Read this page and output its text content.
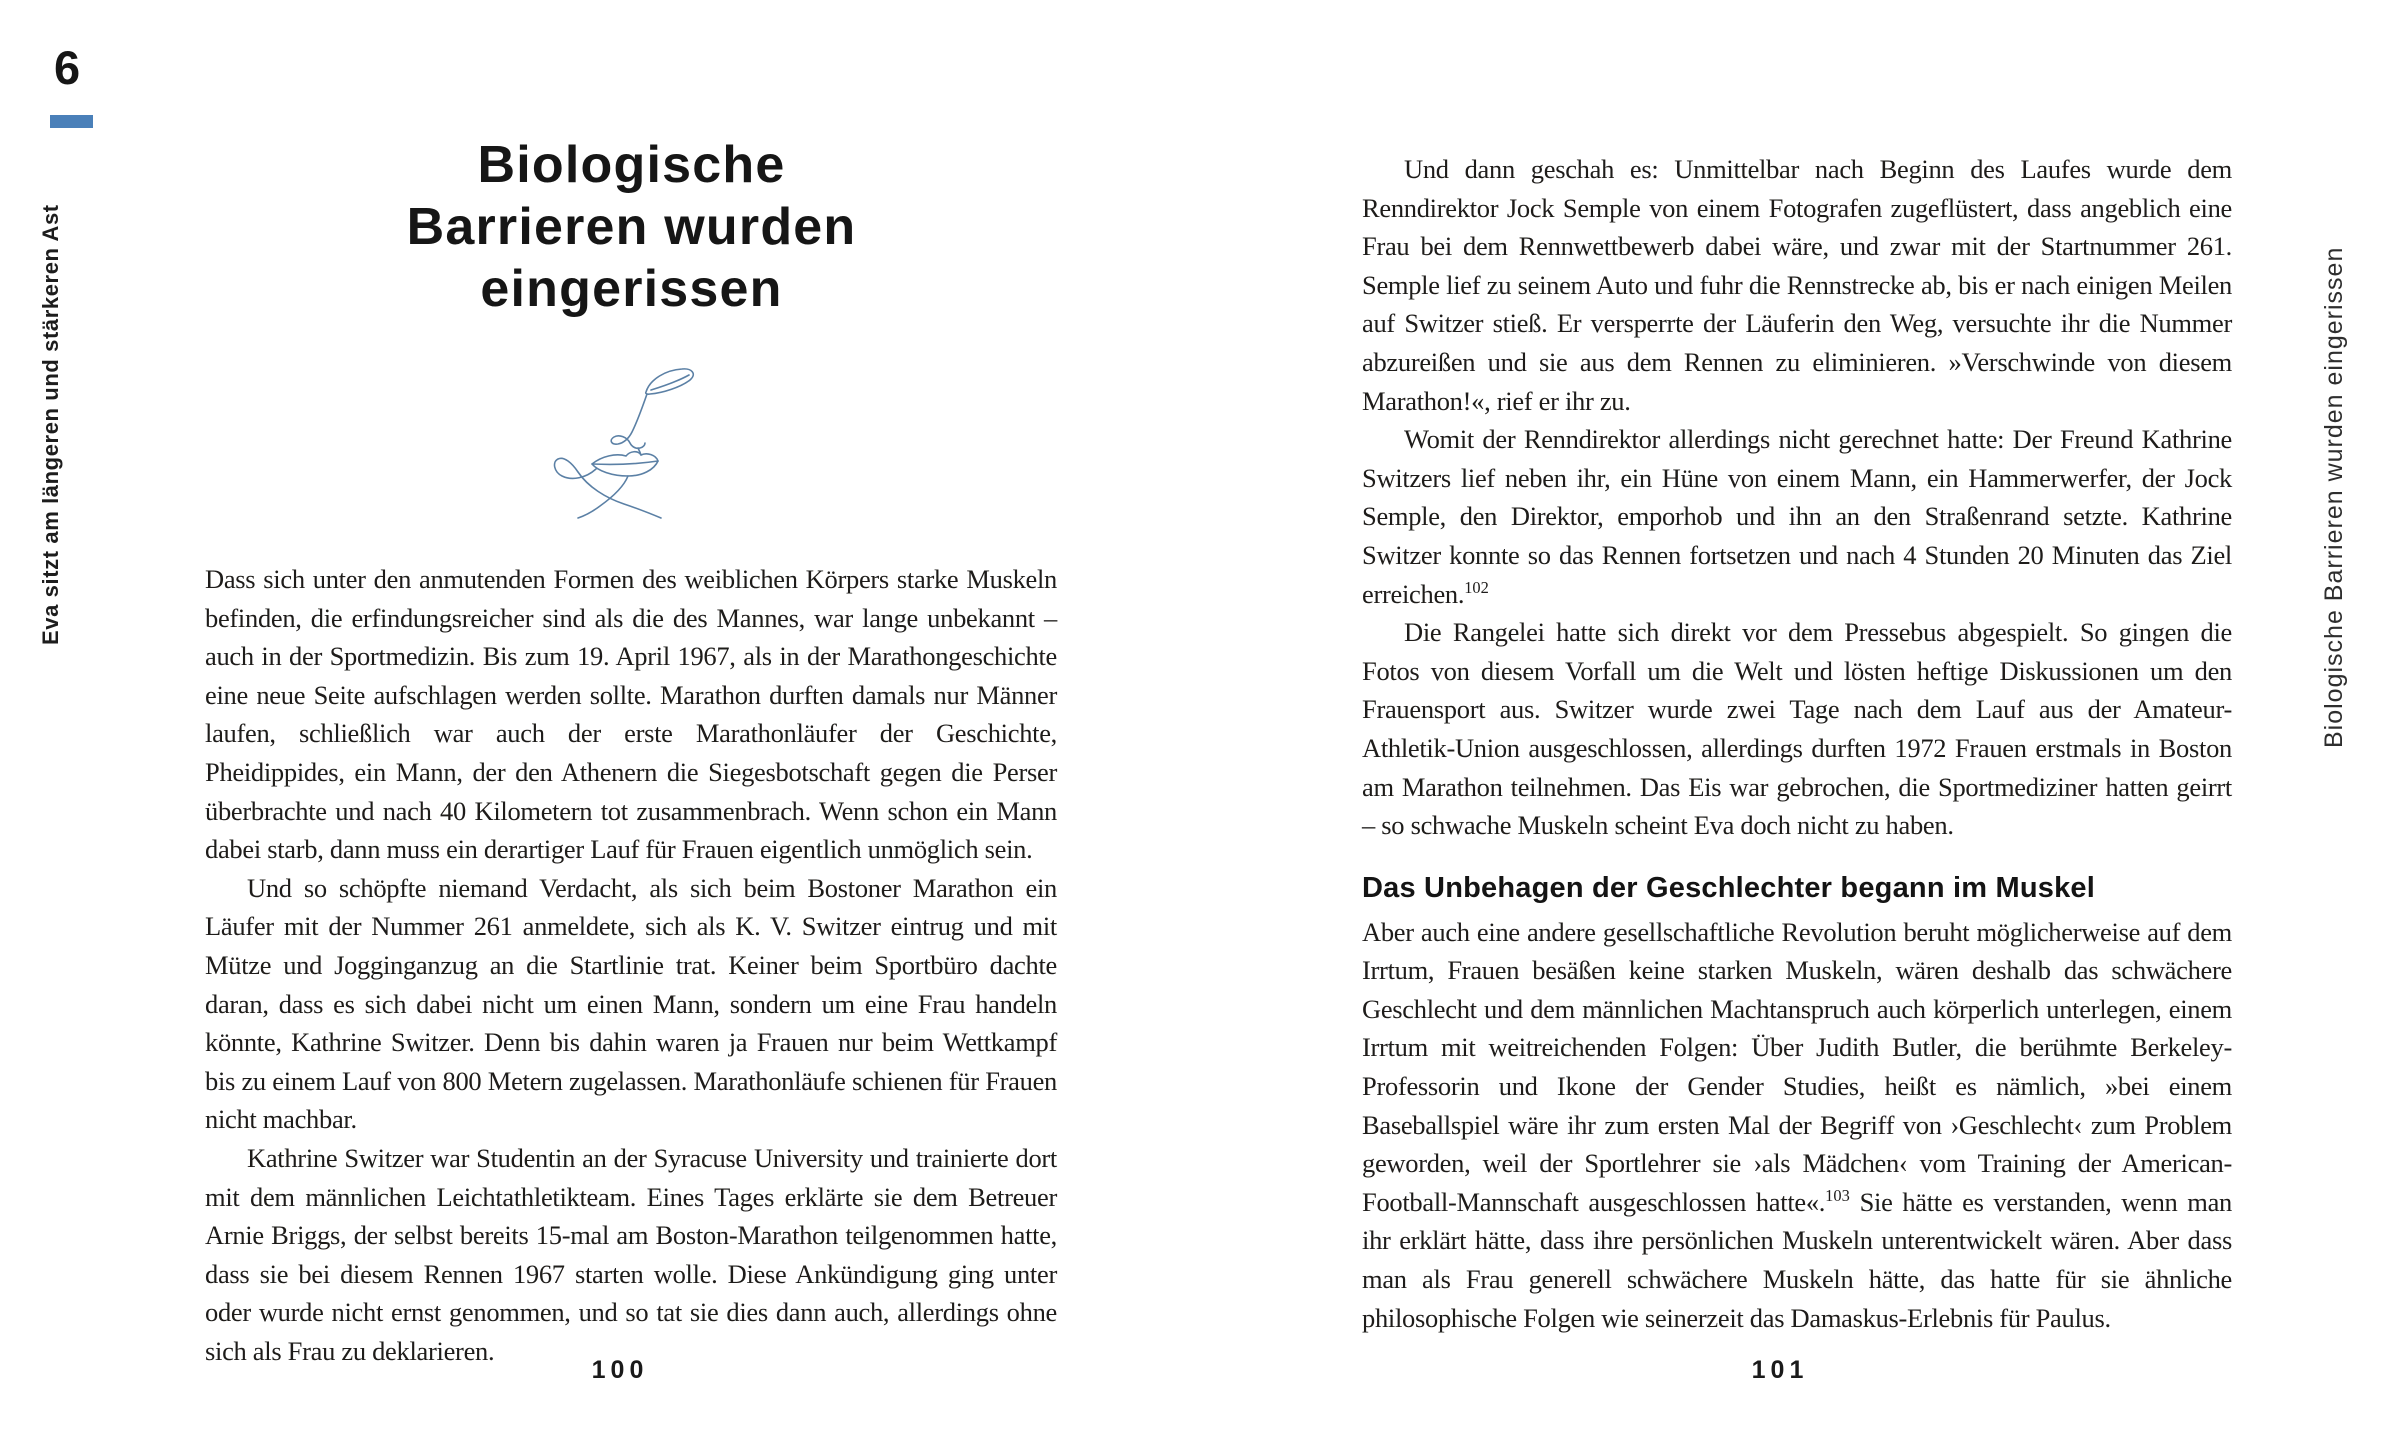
6
Eva sitzt am längeren und stärkeren Ast
Biologische
Barrieren wurden
eingerissen

Dass sich unter den anmutenden Formen des weiblichen Körpers starke Muskeln befinden, die erfindungsreicher sind als die des Mannes, war lange unbekannt – auch in der Sportmedizin. Bis zum 19. April 1967, als in der Marathongeschichte eine neue Seite aufschlagen werden sollte. Marathon durften damals nur Männer laufen, schließlich war auch der erste Marathonläufer der Geschichte, Pheidippides, ein Mann, der den Athenern die Siegesbotschaft gegen die Perser überbrachte und nach 40 Kilometern tot zusammenbrach. Wenn schon ein Mann dabei starb, dann muss ein derartiger Lauf für Frauen eigentlich unmöglich sein.

Und so schöpfte niemand Verdacht, als sich beim Bostoner Marathon ein Läufer mit der Nummer 261 anmeldete, sich als K. V. Switzer eintrug und mit Mütze und Jogginganzug an die Startlinie trat. Keiner beim Sportbüro dachte daran, dass es sich dabei nicht um einen Mann, sondern um eine Frau handeln könnte, Kathrine Switzer. Denn bis dahin waren ja Frauen nur beim Wettkampf bis zu einem Lauf von 800 Metern zugelassen. Marathonläufe schienen für Frauen nicht machbar.

Kathrine Switzer war Studentin an der Syracuse University und trainierte dort mit dem männlichen Leichtathletikteam. Eines Tages erklärte sie dem Betreuer Arnie Briggs, der selbst bereits 15-mal am Boston-Marathon teilgenommen hatte, dass sie bei diesem Rennen 1967 starten wolle. Diese Ankündigung ging unter oder wurde nicht ernst genommen, und so tat sie dies dann auch, allerdings ohne sich als Frau zu deklarieren.

100

Und dann geschah es: Unmittelbar nach Beginn des Laufes wurde dem Renndirektor Jock Semple von einem Fotografen zugeflüstert, dass angeblich eine Frau bei dem Rennwettbewerb dabei wäre, und zwar mit der Startnummer 261. Semple lief zu seinem Auto und fuhr die Rennstrecke ab, bis er nach einigen Meilen auf Switzer stieß. Er versperrte der Läuferin den Weg, versuchte ihr die Nummer abzureißen und sie aus dem Rennen zu eliminieren. »Verschwinde von diesem Marathon!«, rief er ihr zu.

Womit der Renndirektor allerdings nicht gerechnet hatte: Der Freund Kathrine Switzers lief neben ihr, ein Hüne von einem Mann, ein Hammerwerfer, der Jock Semple, den Direktor, emporhob und ihn an den Straßenrand setzte. Kathrine Switzer konnte so das Rennen fortsetzen und nach 4 Stunden 20 Minuten das Ziel erreichen.$^{102}$

Die Rangelei hatte sich direkt vor dem Pressebus abgespielt. So gingen die Fotos von diesem Vorfall um die Welt und lösten heftige Diskussionen um den Frauensport aus. Switzer wurde zwei Tage nach dem Lauf aus der Amateur-Athletik-Union ausgeschlossen, allerdings durften 1972 Frauen erstmals in Boston am Marathon teilnehmen. Das Eis war gebrochen, die Sportmediziner hatten geirrt – so schwache Muskeln scheint Eva doch nicht zu haben.

Das Unbehagen der Geschlechter begann im Muskel

Aber auch eine andere gesellschaftliche Revolution beruht möglicherweise auf dem Irrtum, Frauen besäßen keine starken Muskeln, wären deshalb das schwächere Geschlecht und dem männlichen Machtanspruch auch körperlich unterlegen, einem Irrtum mit weitreichenden Folgen: Über Judith Butler, die berühmte Berkeley-Professorin und Ikone der Gender Studies, heißt es nämlich, »bei einem Baseballspiel wäre ihr zum ersten Mal der Begriff von ›Geschlecht‹ zum Problem geworden, weil der Sportlehrer sie ›als Mädchen‹ vom Training der American-Football-Mannschaft ausgeschlossen hatte«.$^{103}$ Sie hätte es verstanden, wenn man ihr erklärt hätte, dass ihre persönlichen Muskeln unterentwickelt wären. Aber dass man als Frau generell schwächere Muskeln hätte, das hatte für sie ähnliche philosophische Folgen wie seinerzeit das Damaskus-Erlebnis für Paulus.

101
Biologische Barrieren wurden eingerissen
